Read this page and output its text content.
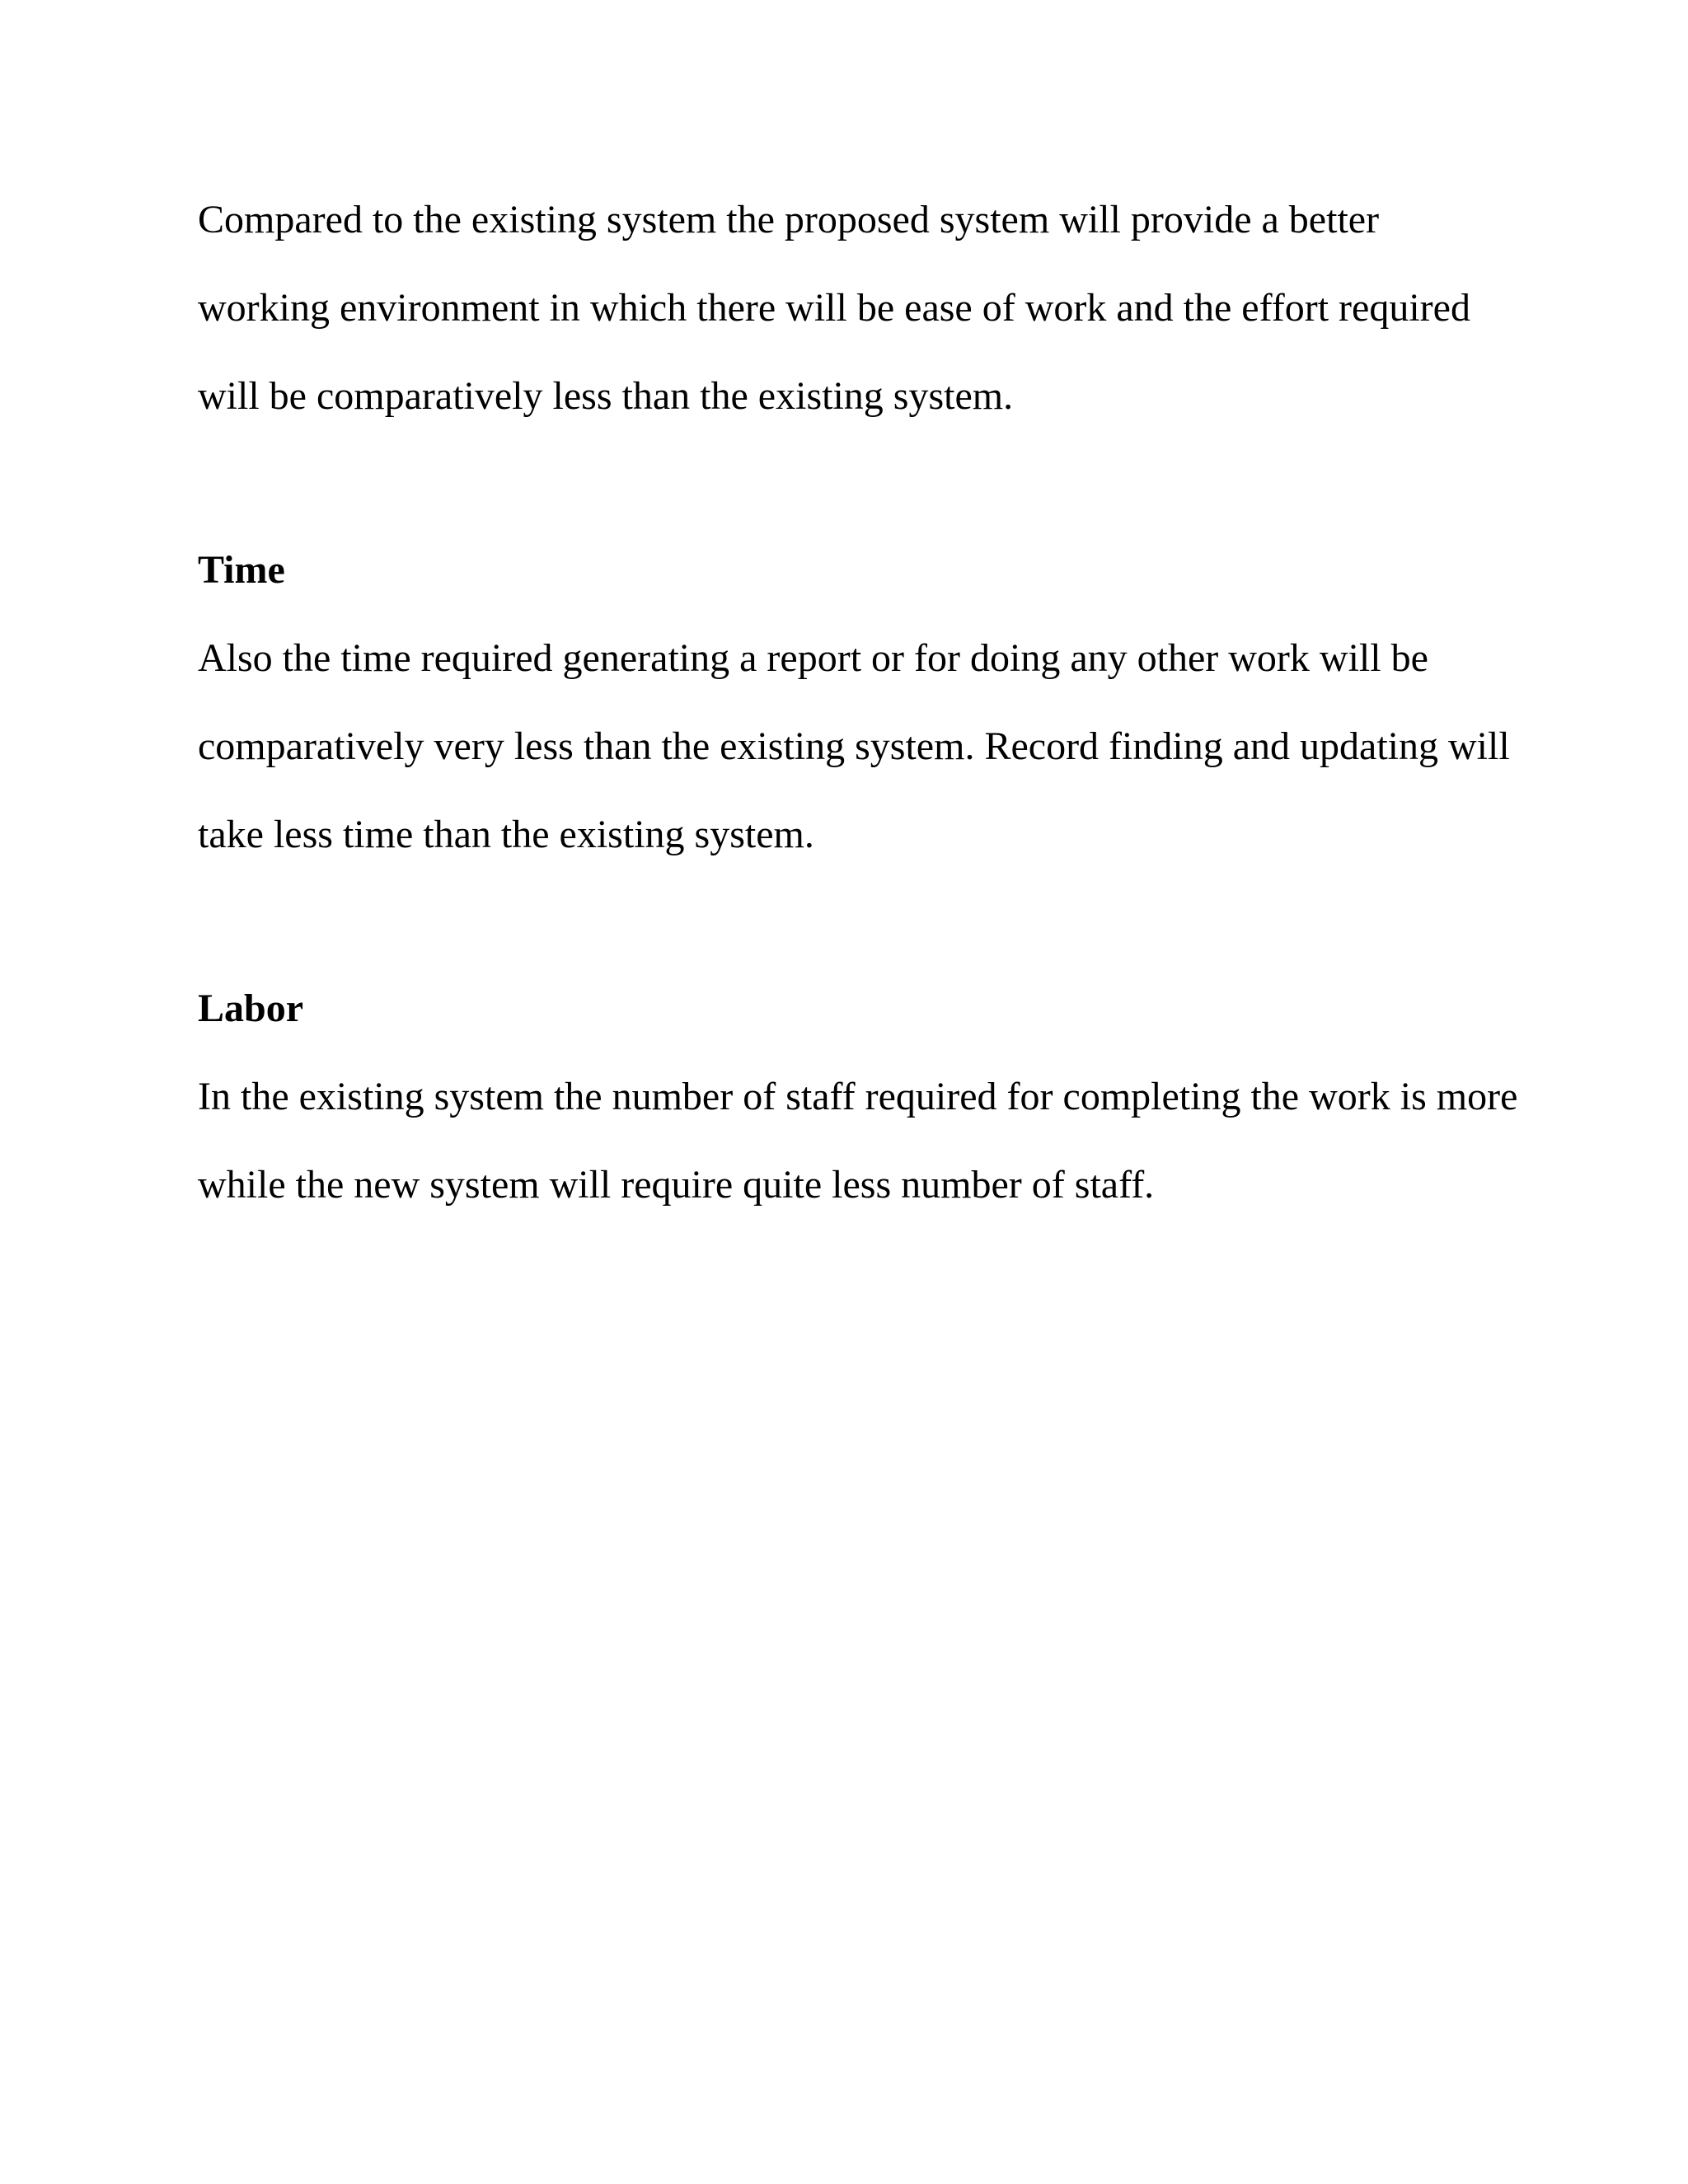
Compared to the existing system the proposed system will provide a better
working environment in which there will be ease of work and the effort required
will be comparatively less than the existing system.
Time
Also the time required generating a report or for doing any other work will be
comparatively very less than the existing system. Record finding and updating will
take less time than the existing system.
Labor
In the existing system the number of staff required for completing the work is more
while the new system will require quite less number of staff.
